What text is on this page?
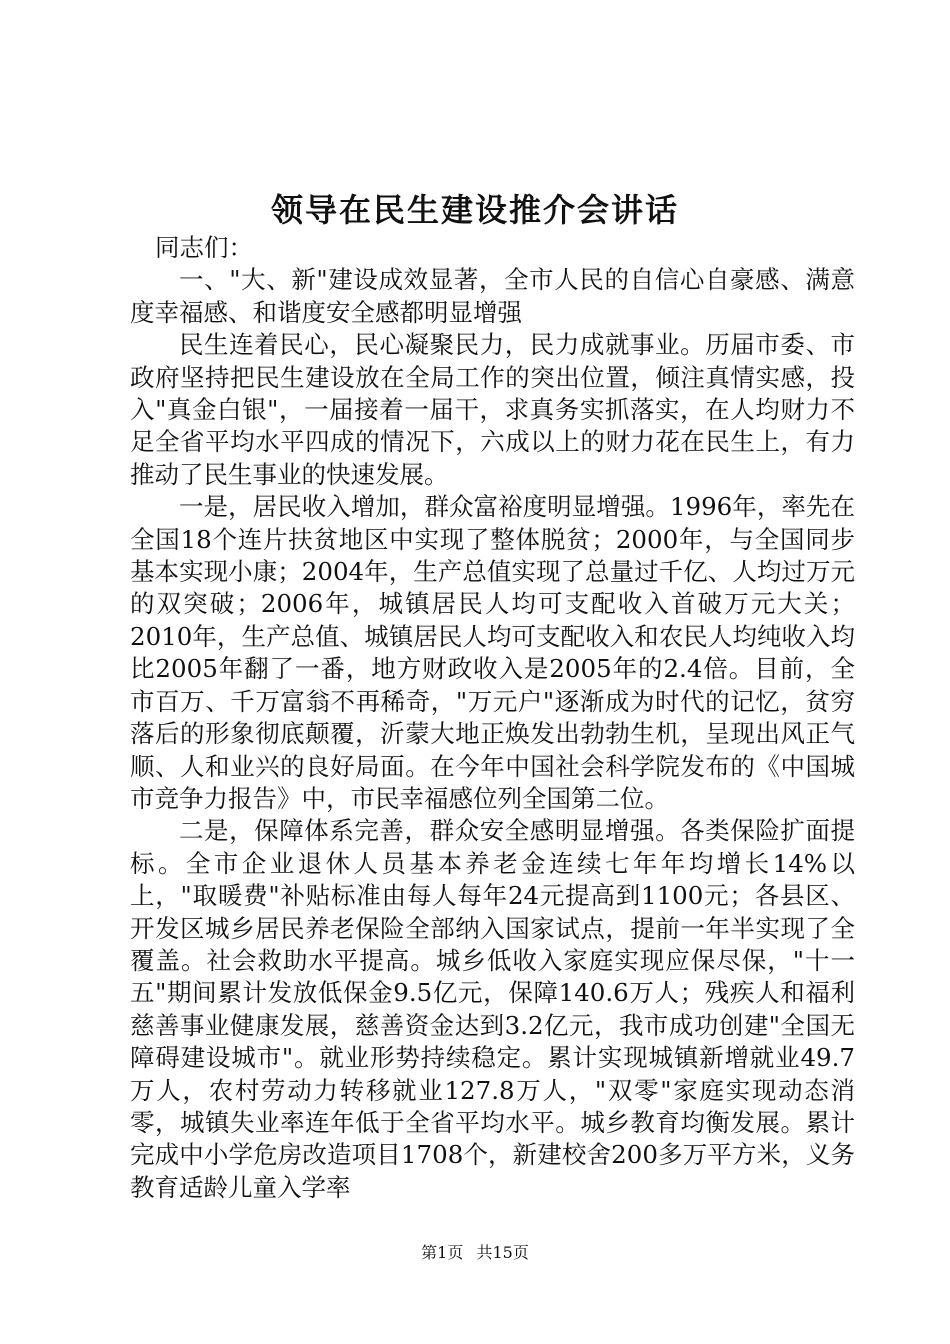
领导在民生建设推介会讲话

同志们：

一、"大、新"建设成效显著，全市人民的自信心自豪感、满意度幸福感、和谐度安全感都明显增强

民生连着民心，民心凝聚民力，民力成就事业。历届市委、市政府坚持把民生建设放在全局工作的突出位置，倾注真情实感，投入"真金白银"，一届接着一届干，求真务实抓落实，在人均财力不足全省平均水平四成的情况下，六成以上的财力花在民生上，有力推动了民生事业的快速发展。

一是，居民收入增加，群众富裕度明显增强。1996年，率先在全国18个连片扶贫地区中实现了整体脱贫；2000年，与全国同步基本实现小康；2004年，生产总值实现了总量过千亿、人均过万元的双突破；2006年，城镇居民人均可支配收入首破万元大关；2010年，生产总值、城镇居民人均可支配收入和农民人均纯收入均比2005年翻了一番，地方财政收入是2005年的2.4倍。目前，全市百万、千万富翁不再稀奇，"万元户"逐渐成为时代的记忆，贫穷落后的形象彻底颠覆，沂蒙大地正焕发出勃勃生机，呈现出风正气顺、人和业兴的良好局面。在今年中国社会科学院发布的《中国城市竞争力报告》中，市民幸福感位列全国第二位。

二是，保障体系完善，群众安全感明显增强。各类保险扩面提标。全市企业退休人员基本养老金连续七年年均增长14%以上，"取暖费"补贴标准由每人每年24元提高到1100元；各县区、开发区城乡居民养老保险全部纳入国家试点，提前一年半实现了全覆盖。社会救助水平提高。城乡低收入家庭实现应保尽保，"十一五"期间累计发放低保金9.5亿元，保障140.6万人；残疾人和福利慈善事业健康发展，慈善资金达到3.2亿元，我市成功创建"全国无障碍建设城市"。就业形势持续稳定。累计实现城镇新增就业49.7万人，农村劳动力转移就业127.8万人，"双零"家庭实现动态消零，城镇失业率连年低于全省平均水平。城乡教育均衡发展。累计完成中小学危房改造项目1708个，新建校舍200多万平方米，义务教育适龄儿童入学率

第1页 共15页
